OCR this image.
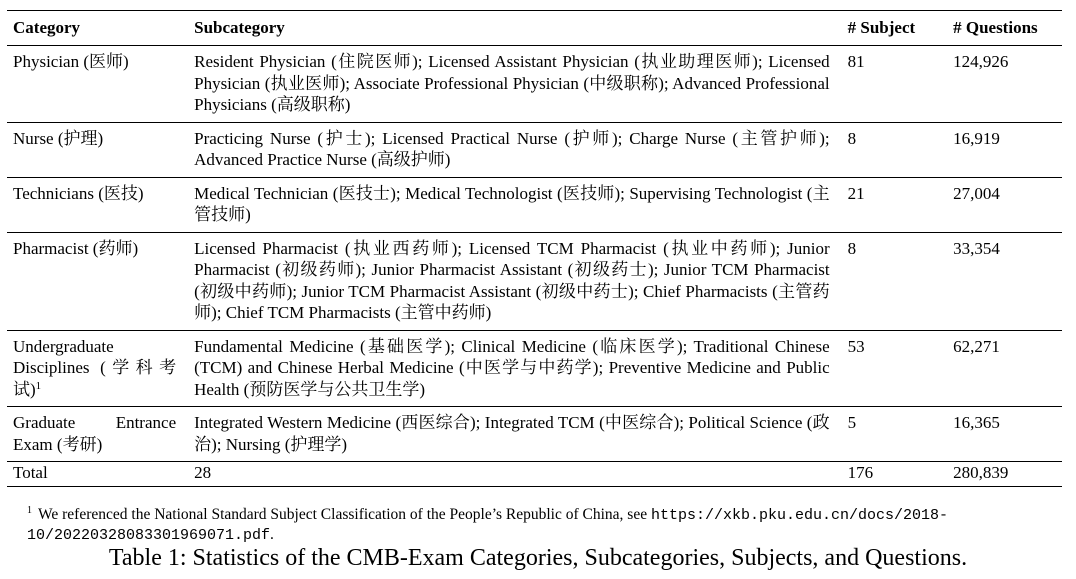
Category	Subcategory	# Subject	# Questions

Physician (医师)	Resident Physician (住院医师); Licensed Assistant Physician (执业助理医师); Licensed Physician (执业医师); Associate Professional Physician (中级职称); Advanced Professional Physicians (高级职称)	81	124,926

Nurse (护理)	Practicing Nurse (护士); Licensed Practical Nurse (护师); Charge Nurse (主管护师); Advanced Practice Nurse (高级护师)	8	16,919

Technicians (医技)	Medical Technician (医技士); Medical Technologist (医技师); Supervising Technologist (主管技师)	21	27,004

Pharmacist (药师)	Licensed Pharmacist (执业西药师); Licensed TCM Pharmacist (执业中药师); Junior Pharmacist (初级药师); Junior Pharmacist Assistant (初级药士); Junior TCM Pharmacist (初级中药师); Junior TCM Pharmacist Assistant (初级中药士); Chief Pharmacists (主管药师); Chief TCM Pharmacists (主管中药师)	8	33,354

Undergraduate Disciplines (学科考试)$^1$	Fundamental Medicine (基础医学); Clinical Medicine (临床医学); Traditional Chinese (TCM) and Chinese Herbal Medicine (中医学与中药学); Preventive Medicine and Public Health (预防医学与公共卫生学)	53	62,271

Graduate Entrance Exam (考研)	Integrated Western Medicine (西医综合); Integrated TCM (中医综合); Political Science (政治); Nursing (护理学)	5	16,365
Total	28	176	280,839
$^1$ We referenced the National Standard Subject Classification of the People’s Republic of China, see https://xkb.pku.edu.cn/docs/2018-10/20220328083301969071.pdf.
Table 1: Statistics of the CMB-Exam Categories, Subcategories, Subjects, and Questions.
